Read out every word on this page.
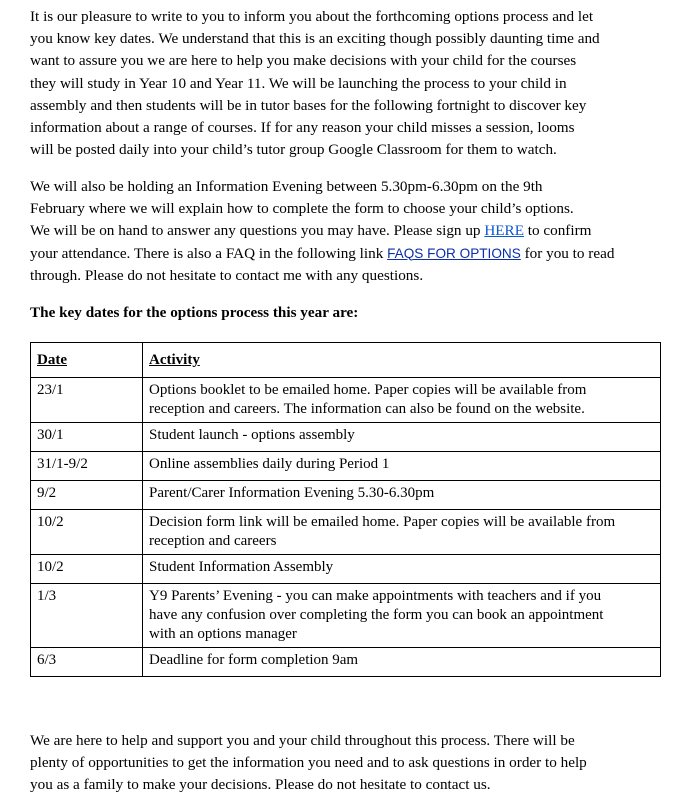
It is our pleasure to write to you to inform you about the forthcoming options process and let

you know key dates. We understand that this is an exciting though possibly daunting time and

want to assure you we are here to help you make decisions with your child for the courses

they will study in Year 10 and Year 11. We will be launching the process to your child in

assembly and then students will be in tutor bases for the following fortnight to discover key

information about a range of courses. If for any reason your child misses a session, looms

will be posted daily into your child’s tutor group Google Classroom for them to watch.

We will also be holding an Information Evening between 5.30pm-6.30pm on the 9th

February where we will explain how to complete the form to choose your child’s options.

We will be on hand to answer any questions you may have. Please sign up HERE to confirm

your attendance. There is also a FAQ in the following link FAQS FOR OPTIONS for you to read

through. Please do not hesitate to contact me with any questions.

The key dates for the options process this year are:
Date	Activity
23/1	Options booklet to be emailed home. Paper copies will be available from
reception and careers. The information can also be found on the website.

30/1	Student launch - options assembly

31/1-9/2	Online assemblies daily during Period 1

9/2	Parent/Carer Information Evening 5.30-6.30pm

10/2	Decision form link will be emailed home. Paper copies will be available from
reception and careers

10/2	Student Information Assembly

1/3	Y9 Parents’ Evening - you can make appointments with teachers and if you
have any confusion over completing the form you can book an appointment
with an options manager

6/3	Deadline for form completion 9am

We are here to help and support you and your child throughout this process. There will be

plenty of opportunities to get the information you need and to ask questions in order to help

you as a family to make your decisions. Please do not hesitate to contact us.
